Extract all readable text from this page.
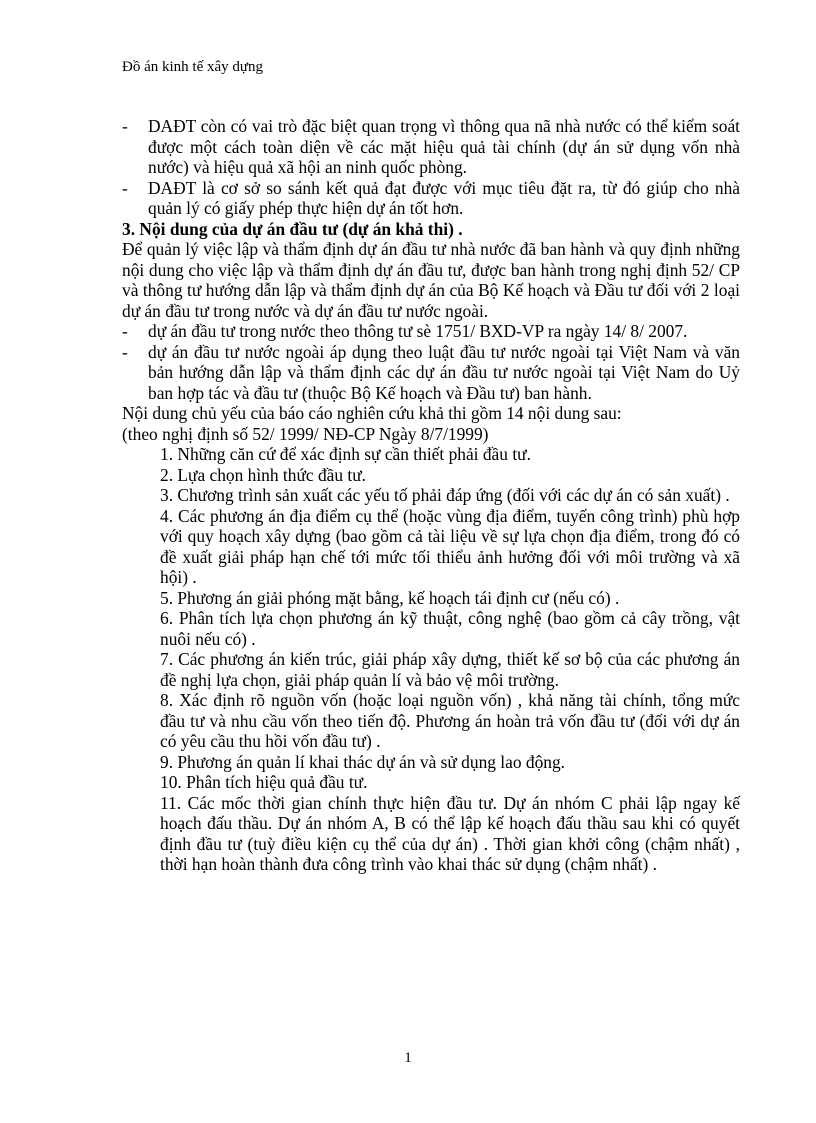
Đồ án kinh tế xây dựng
- DAĐT còn có vai trò đặc biệt quan trọng vì thông qua nã nhà nước có thể kiểm soát được một cách toàn diện về các mặt hiệu quả tài chính (dự án sử dụng vốn nhà nước) và hiệu quả xã hội an ninh quốc phòng.
- DAĐT là cơ sở so sánh kết quả đạt được với mục tiêu đặt ra, từ đó giúp cho nhà quản lý có giấy phép thực hiện dự án tốt hơn.
3. Nội dung của dự án đầu tư (dự án khả thi) .
Để quản lý việc lập và thẩm định dự án đầu tư nhà nước đã ban hành và quy định những nội dung cho việc lập và thẩm định dự án đầu tư, được ban hành trong nghị định 52/ CP và thông tư hướng dẫn lập và thẩm định dự án của Bộ Kế hoạch và Đầu tư đối với 2 loại dự án đầu tư trong nước và dự án đầu tư nước ngoài.
- dự án đầu tư trong nước theo thông tư sè 1751/ BXD-VP ra ngày 14/ 8/ 2007.
- dự án đầu tư nước ngoài áp dụng theo luật đầu tư nước ngoài tại Việt Nam và văn bản hướng dẫn lập và thẩm định các dự án đầu tư nước ngoài tại Việt Nam do Uỷ ban hợp tác và đầu tư (thuộc Bộ Kế hoạch và Đầu tư) ban hành.
Nội dung chủ yếu của báo cáo nghiên cứu khả thi gồm 14 nội dung sau:
(theo nghị định số 52/ 1999/ NĐ-CP Ngày 8/7/1999)
1. Những căn cứ để xác định sự cần thiết phải đầu tư.
2. Lựa chọn hình thức đầu tư.
3. Chương trình sản xuất các yếu tố phải đáp ứng (đối với các dự án có sản xuất) .
4. Các phương án địa điểm cụ thể (hoặc vùng địa điểm, tuyến công trình) phù hợp với quy hoạch xây dựng (bao gồm cả tài liệu về sự lựa chọn địa điểm, trong đó có đề xuất giải pháp hạn chế tới mức tối thiểu ảnh hưởng đối với môi trường và xã hội) .
5. Phương án giải phóng mặt bằng, kế hoạch tái định cư (nếu có) .
6. Phân tích lựa chọn phương án kỹ thuật, công nghệ (bao gồm cả cây trồng, vật nuôi nếu có) .
7. Các phương án kiến trúc, giải pháp xây dựng, thiết kế sơ bộ của các phương án đề nghị lựa chọn, giải pháp quản lí và bảo vệ môi trường.
8. Xác định rõ nguồn vốn (hoặc loại nguồn vốn) , khả năng tài chính, tổng mức đầu tư và nhu cầu vốn theo tiến độ. Phương án hoàn trả vốn đầu tư (đối với dự án có yêu cầu thu hồi vốn đầu tư) .
9. Phương án quản lí khai thác dự án và sử dụng lao động.
10. Phân tích hiệu quả đầu tư.
11. Các mốc thời gian chính thực hiện đầu tư. Dự án nhóm C phải lập ngay kế hoạch đấu thầu. Dự án nhóm A, B có thể lập kế hoạch đấu thầu sau khi có quyết định đầu tư (tuỳ điều kiện cụ thể của dự án) . Thời gian khởi công (chậm nhất) , thời hạn hoàn thành đưa công trình vào khai thác sử dụng (chậm nhất) .
1
